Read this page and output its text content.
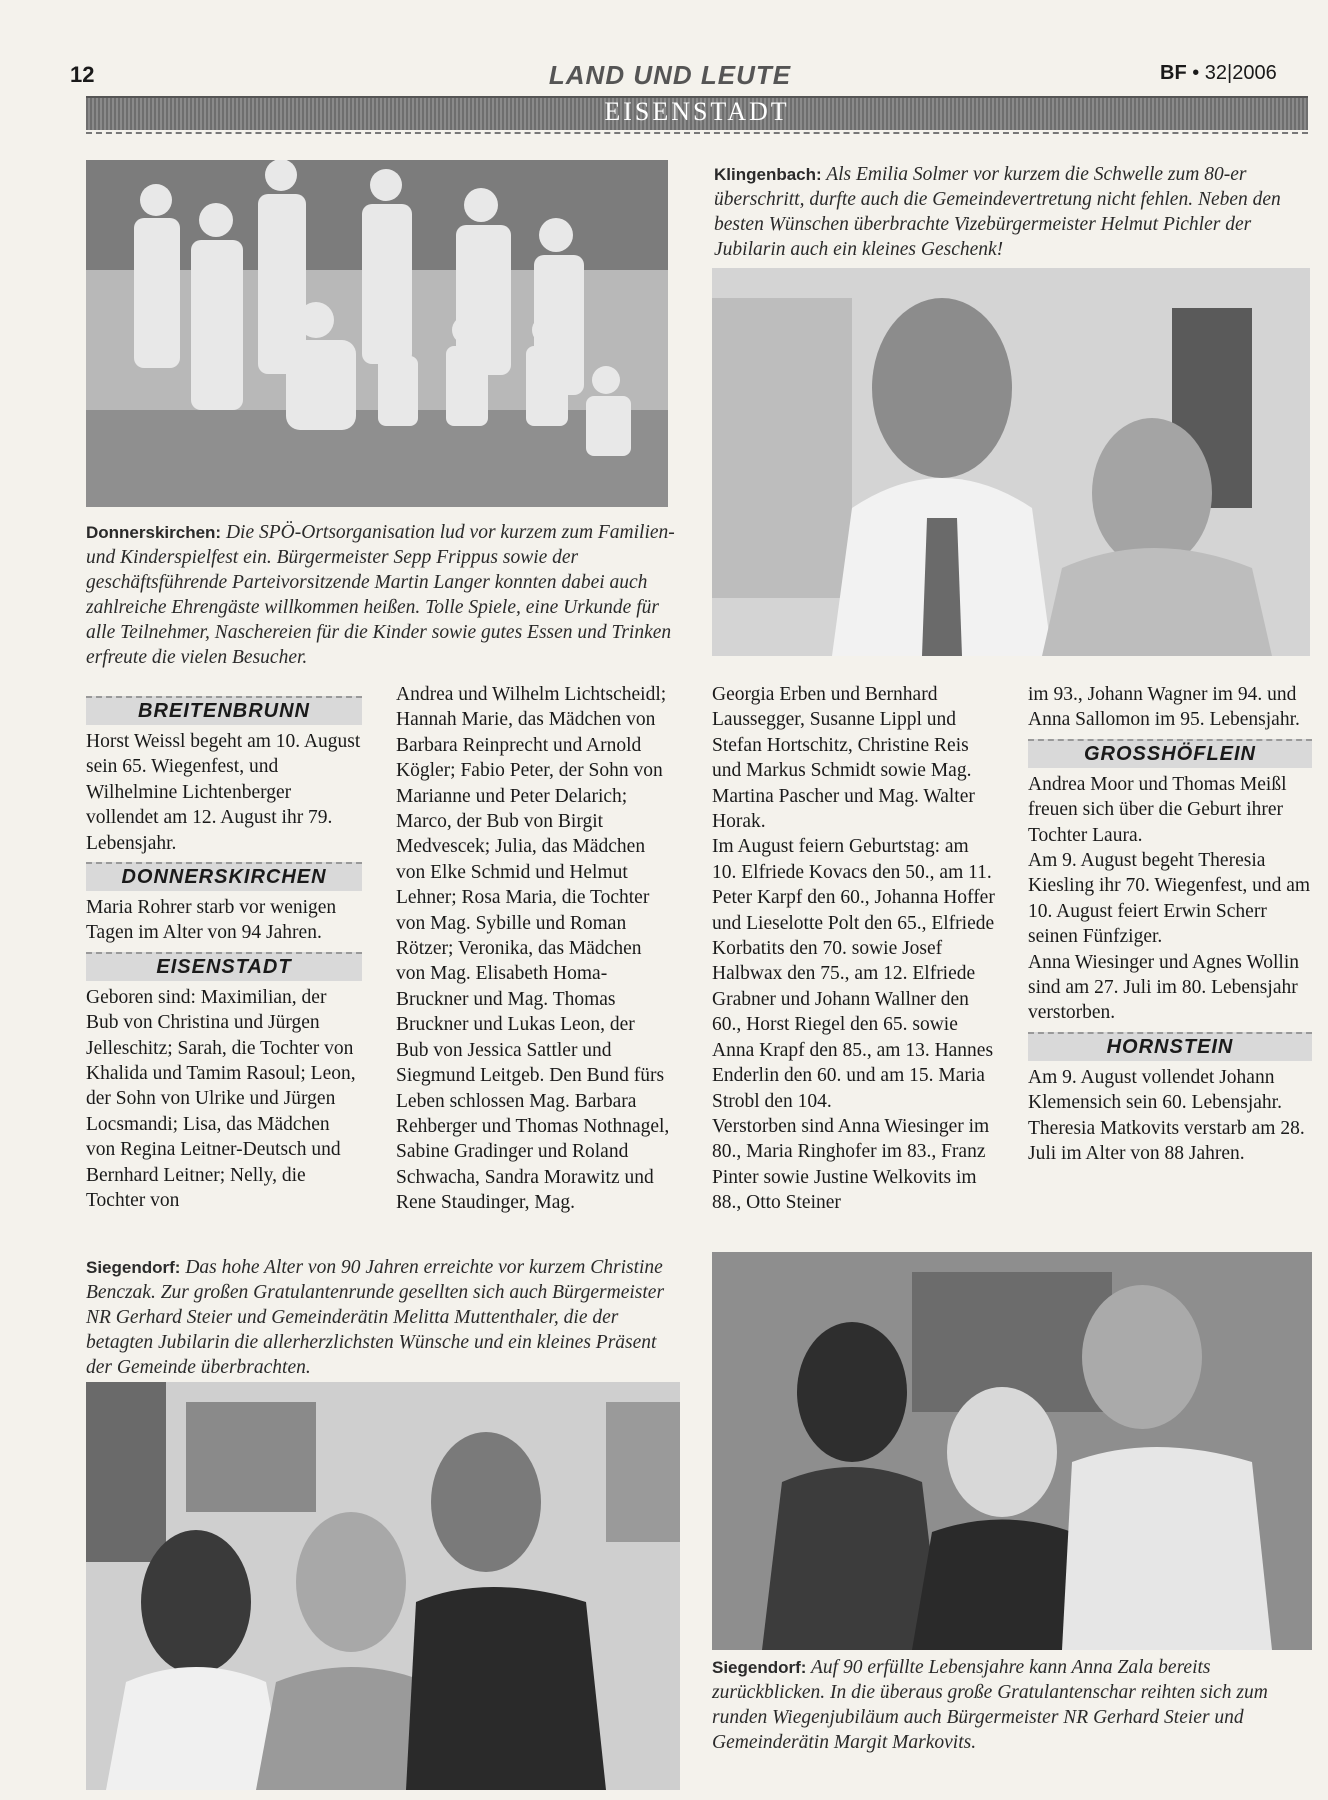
12	LAND UND LEUTE	BF • 32|2006
EISENSTADT
Donnerskirchen: Die SPÖ-Ortsorganisation lud vor kurzem zum Familien- und Kinderspielfest ein. Bürgermeister Sepp Frippus sowie der geschäftsführende Parteivorsitzende Martin Langer konnten dabei auch zahlreiche Ehrengäste willkommen heißen. Tolle Spiele, eine Urkunde für alle Teilnehmer, Naschereien für die Kinder sowie gutes Essen und Trinken erfreute die vielen Besucher.
Klingenbach: Als Emilia Solmer vor kurzem die Schwelle zum 80-er überschritt, durfte auch die Gemeindevertretung nicht fehlen. Neben den besten Wünschen überbrachte Vizebürgermeister Helmut Pichler der Jubilarin auch ein kleines Geschenk!
BREITENBRUNN

Horst Weissl begeht am 10. August sein 65. Wiegenfest, und Wilhelmine Lichtenberger vollendet am 12. August ihr 79. Lebensjahr.

DONNERSKIRCHEN

Maria Rohrer starb vor wenigen Tagen im Alter von 94 Jahren.

EISENSTADT

Geboren sind: Maximilian, der Bub von Christina und Jürgen Jelleschitz; Sarah, die Tochter von Khalida und Tamim Rasoul; Leon, der Sohn von Ulrike und Jürgen Locsmandi; Lisa, das Mädchen von Regina Leitner-Deutsch und Bernhard Leitner; Nelly, die Tochter von

Andrea und Wilhelm Lichtscheidl; Hannah Marie, das Mädchen von Barbara Reinprecht und Arnold Kögler; Fabio Peter, der Sohn von Marianne und Peter Delarich; Marco, der Bub von Birgit Medvescek; Julia, das Mädchen von Elke Schmid und Helmut Lehner; Rosa Maria, die Tochter von Mag. Sybille und Roman Rötzer; Veronika, das Mädchen von Mag. Elisabeth Homa-Bruckner und Mag. Thomas Bruckner und Lukas Leon, der Bub von Jessica Sattler und Siegmund Leitgeb. Den Bund fürs Leben schlossen Mag. Barbara Rehberger und Thomas Nothnagel, Sabine Gradinger und Roland Schwacha, Sandra Morawitz und Rene Staudinger, Mag.

Georgia Erben und Bernhard Laussegger, Susanne Lippl und Stefan Hortschitz, Christine Reis und Markus Schmidt sowie Mag. Martina Pascher und Mag. Walter Horak.

Im August feiern Geburtstag: am 10. Elfriede Kovacs den 50., am 11. Peter Karpf den 60., Johanna Hoffer und Lieselotte Polt den 65., Elfriede Korbatits den 70. sowie Josef Halbwax den 75., am 12. Elfriede Grabner und Johann Wallner den 60., Horst Riegel den 65. sowie Anna Krapf den 85., am 13. Hannes Enderlin den 60. und am 15. Maria Strobl den 104.

Verstorben sind Anna Wiesinger im 80., Maria Ringhofer im 83., Franz Pinter sowie Justine Welkovits im 88., Otto Steiner

im 93., Johann Wagner im 94. und Anna Sallomon im 95. Lebensjahr.

GROSSHÖFLEIN

Andrea Moor und Thomas Meißl freuen sich über die Geburt ihrer Tochter Laura.

Am 9. August begeht Theresia Kiesling ihr 70. Wiegenfest, und am 10. August feiert Erwin Scherr seinen Fünfziger.

Anna Wiesinger und Agnes Wollin sind am 27. Juli im 80. Lebensjahr verstorben.

HORNSTEIN

Am 9. August vollendet Johann Klemensich sein 60. Lebensjahr.

Theresia Matkovits verstarb am 28. Juli im Alter von 88 Jahren.

Siegendorf: Das hohe Alter von 90 Jahren erreichte vor kurzem Christine Benczak. Zur großen Gratulantenrunde gesellten sich auch Bürgermeister NR Gerhard Steier und Gemeinderätin Melitta Muttenthaler, die der betagten Jubilarin die allerherzlichsten Wünsche und ein kleines Präsent der Gemeinde überbrachten.
Siegendorf: Auf 90 erfüllte Lebensjahre kann Anna Zala bereits zurückblicken. In die überaus große Gratulantenschar reihten sich zum runden Wiegenjubiläum auch Bürgermeister NR Gerhard Steier und Gemeinderätin Margit Markovits.
